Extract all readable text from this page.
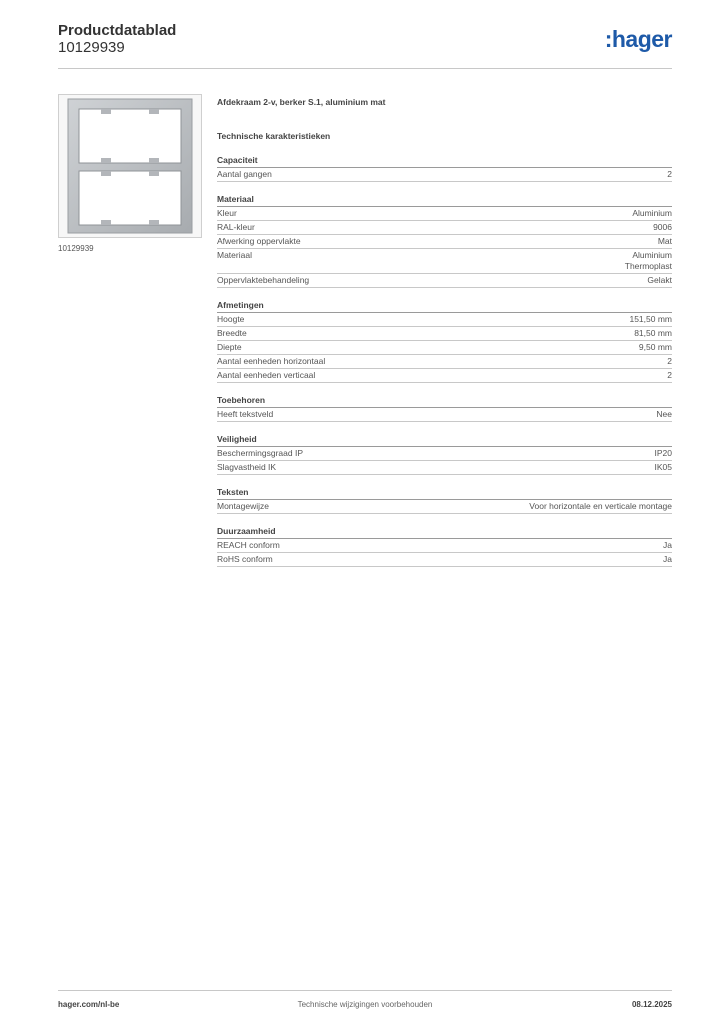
Productdatablad
10129939	:hager
10129939
Afdekraam 2-v, berker S.1, aluminium mat
Technische karakteristieken
Capaciteit
Aantal gangen	2
Materiaal
Kleur	Aluminium
RAL-kleur	9006
Afwerking oppervlakte	Mat
Materiaal	Aluminium
Thermoplast
Oppervlaktebehandeling	Gelakt
Afmetingen
Hoogte	151,50 mm
Breedte	81,50 mm
Diepte	9,50 mm
Aantal eenheden horizontaal	2
Aantal eenheden verticaal	2
Toebehoren
Heeft tekstveld	Nee
Veiligheid
Beschermingsgraad IP	IP20
Slagvastheid IK	IK05
Teksten
Montagewijze	Voor horizontale en verticale montage
Duurzaamheid
REACH conform	Ja
RoHS conform	Ja
hager.com/nl-be	Technische wijzigingen voorbehouden	08.12.2025
